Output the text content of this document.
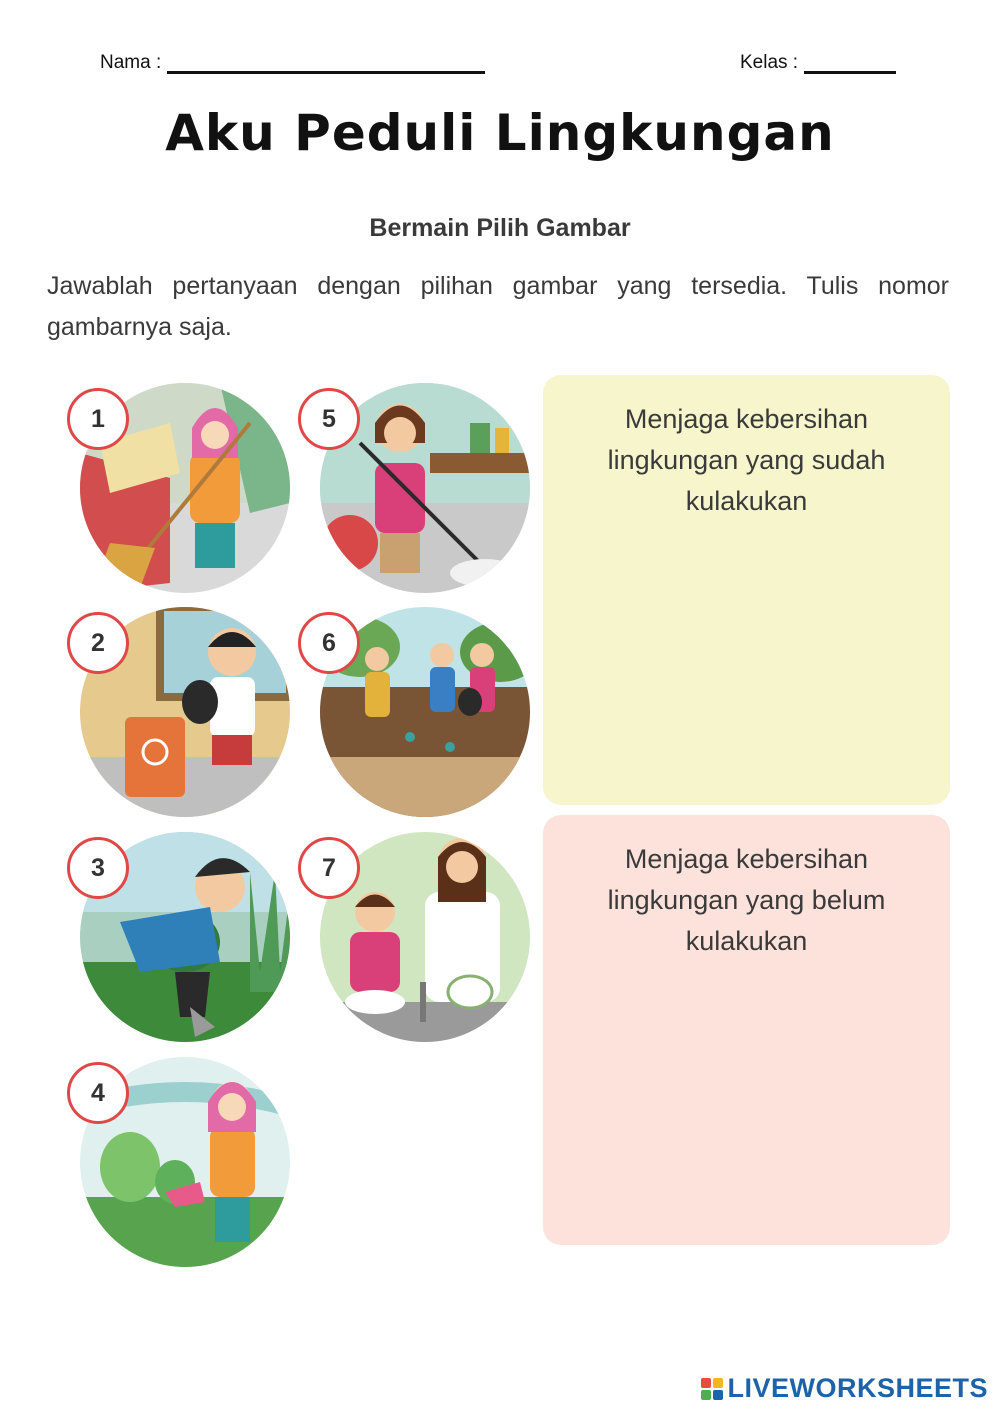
Nama :	Kelas :
Aku Peduli Lingkungan
Bermain Pilih Gambar
Jawablah pertanyaan dengan pilihan gambar yang tersedia. Tulis nomor gambarnya saja.
1
2
3
4
5
6
7
Menjaga kebersihan lingkungan yang sudah kulakukan
Menjaga kebersihan lingkungan yang belum kulakukan
LIVEWORKSHEETS
